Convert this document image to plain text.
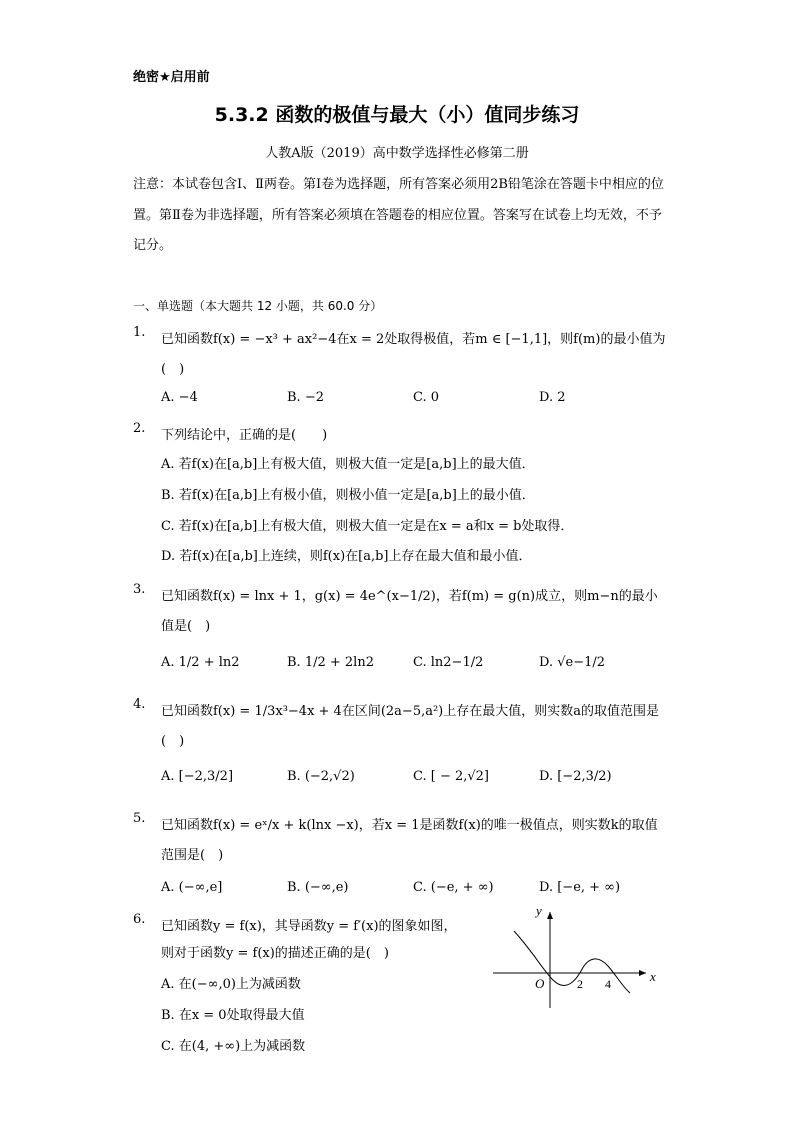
绝密★启用前
5.3.2 函数的极值与最大（小）值同步练习
人教A版（2019）高中数学选择性必修第二册
注意：本试卷包含Ⅰ、Ⅱ两卷。第Ⅰ卷为选择题，所有答案必须用2B铅笔涂在答题卡中相应的位置。第Ⅱ卷为非选择题，所有答案必须填在答题卷的相应位置。答案写在试卷上均无效，不予记分。
一、单选题（本大题共 12 小题，共 60.0 分）
1. 已知函数f(x) = −x³ + ax²−4在x = 2处取得极值，若m ∈ [−1,1]，则f(m)的最小值为(　)
A. −4	B. −2	C. 0	D. 2
2. 下列结论中，正确的是(　　)
A. 若f(x)在[a,b]上有极大值，则极大值一定是[a,b]上的最大值．
B. 若f(x)在[a,b]上有极小值，则极小值一定是[a,b]上的最小值．
C. 若f(x)在[a,b]上有极大值，则极大值一定是在x = a和x = b处取得．
D. 若f(x)在[a,b]上连续，则f(x)在[a,b]上存在最大值和最小值．
3. 已知函数f(x) = lnx + 1，g(x) = 4e^(x−1/2)，若f(m) = g(n)成立，则m−n的最小值是(　)
A. 1/2 + ln2	B. 1/2 + 2ln2	C. ln2−1/2	D. √e−1/2
4. 已知函数f(x) = 1/3x³−4x + 4在区间(2a−5,a²)上存在最大值，则实数a的取值范围是(　)
A. [−2,3/2]	B. (−2,√2)	C. [ − 2,√2]	D. [−2,3/2)
5. 已知函数f(x) = eˣ/x + k(lnx −x)，若x = 1是函数f(x)的唯一极值点，则实数k的取值范围是(　)
A. (−∞,e]	B. (−∞,e)	C. (−e, + ∞)	D. [−e, + ∞)
6. 已知函数y = f(x)，其导函数y = f′(x)的图象如图，
则对于函数y = f(x)的描述正确的是(　)
A. 在(−∞,0)上为减函数
B. 在x = 0处取得最大值
C. 在(4, +∞)上为减函数
y
x
O	2 4
